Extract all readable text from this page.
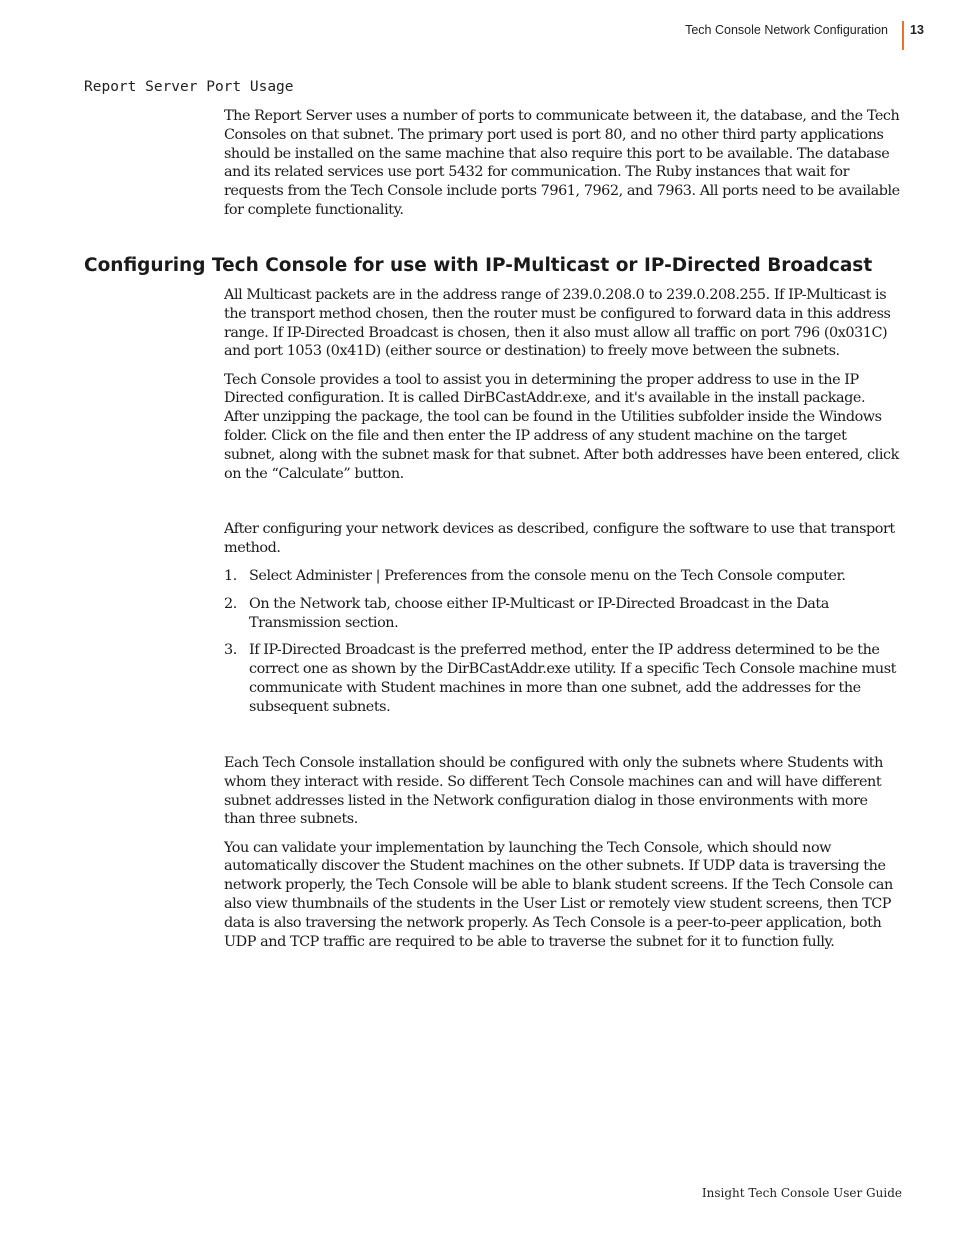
Tech Console Network Configuration 13
Report Server Port Usage

The Report Server uses a number of ports to communicate between it, the database, and the Tech Consoles on that subnet. The primary port used is port 80, and no other third party applications should be installed on the same machine that also require this port to be available. The database and its related services use port 5432 for communication. The Ruby instances that wait for requests from the Tech Console include ports 7961, 7962, and 7963. All ports need to be available for complete functionality.

Configuring Tech Console for use with IP-Multicast or IP-Directed Broadcast

All Multicast packets are in the address range of 239.0.208.0 to 239.0.208.255. If IP-Multicast is the transport method chosen, then the router must be configured to forward data in this address range. If IP-Directed Broadcast is chosen, then it also must allow all traffic on port 796 (0x031C) and port 1053 (0x41D) (either source or destination) to freely move between the subnets.

Tech Console provides a tool to assist you in determining the proper address to use in the IP Directed configuration. It is called DirBCastAddr.exe, and it's available in the install package. After unzipping the package, the tool can be found in the Utilities subfolder inside the Windows folder. Click on the file and then enter the IP address of any student machine on the target subnet, along with the subnet mask for that subnet. After both addresses have been entered, click on the “Calculate” button.

After configuring your network devices as described, configure the software to use that transport method.

1. Select Administer | Preferences from the console menu on the Tech Console computer.
2. On the Network tab, choose either IP-Multicast or IP-Directed Broadcast in the Data Transmission section.
3. If IP-Directed Broadcast is the preferred method, enter the IP address determined to be the correct one as shown by the DirBCastAddr.exe utility. If a specific Tech Console machine must communicate with Student machines in more than one subnet, add the addresses for the subsequent subnets.

Each Tech Console installation should be configured with only the subnets where Students with whom they interact with reside. So different Tech Console machines can and will have different subnet addresses listed in the Network configuration dialog in those environments with more than three subnets.

You can validate your implementation by launching the Tech Console, which should now automatically discover the Student machines on the other subnets. If UDP data is traversing the network properly, the Tech Console will be able to blank student screens. If the Tech Console can also view thumbnails of the students in the User List or remotely view student screens, then TCP data is also traversing the network properly. As Tech Console is a peer-to-peer application, both UDP and TCP traffic are required to be able to traverse the subnet for it to function fully.

Insight Tech Console User Guide
